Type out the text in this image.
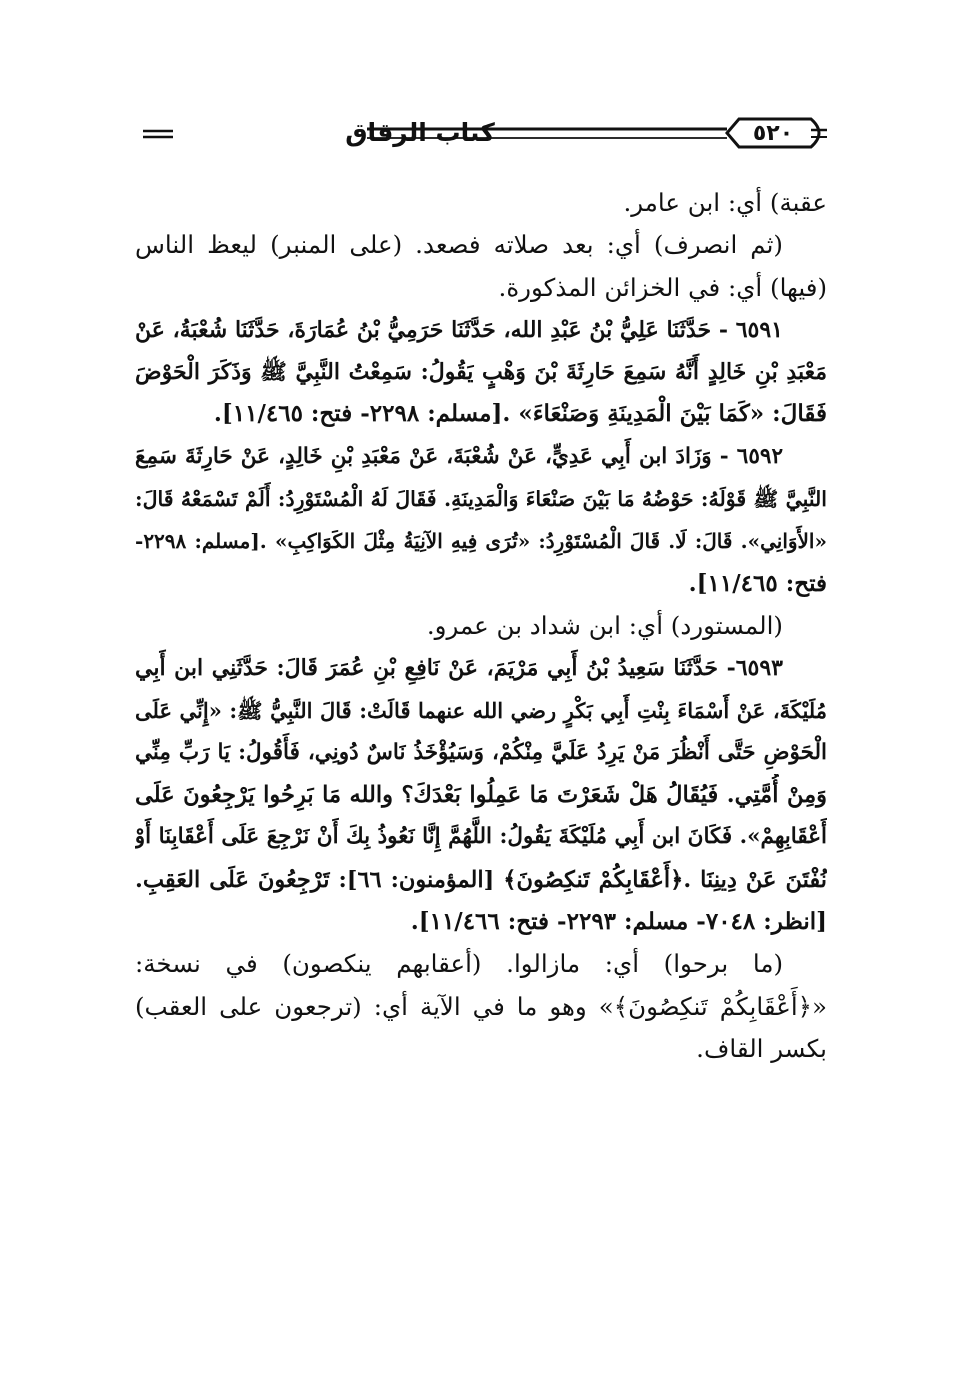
كتاب الرقاق	٥٢٠
عقبة) أي: ابن عامر.
(ثم انصرف) أي: بعد صلاته فصعد. (على المنبر) ليعظ الناس
(فيها) أي: في الخزائن المذكورة.
٦٥٩١ - حَدَّثَنَا عَلِيُّ بْنُ عَبْدِ الله، حَدَّثَنَا حَرَمِيُّ بْنُ عُمَارَةَ، حَدَّثَنَا شُعْبَةُ، عَنْ
مَعْبَدِ بْنِ خَالِدٍ أَنَّهُ سَمِعَ حَارِثَةَ بْنَ وَهْبٍ يَقُولُ: سَمِعْتُ النَّبِيَّ ﷺ وَذَكَرَ الْحَوْضَ
فَقَالَ: «كَمَا بَيْنَ الْمَدِينَةِ وَصَنْعَاءَ» .[مسلم: ٢٢٩٨- فتح: ١١/٤٦٥].
٦٥٩٢ - وَزَادَ ابن أَبِي عَدِيٍّ، عَنْ شُعْبَةَ، عَنْ مَعْبَدِ بْنِ خَالِدٍ، عَنْ حَارِثَةَ سَمِعَ
النَّبِيَّ ﷺ قَوْلَهُ: حَوْضُهُ مَا بَيْنَ صَنْعَاءَ وَالْمَدِينَةِ. فَقَالَ لَهُ الْمُسْتَوْرِدُ: أَلَمْ تَسْمَعْهُ قَالَ:
«الأَوَانِي». قَالَ: لَا. قَالَ الْمُسْتَوْرِدُ: «تُرَى فِيهِ الآنِيَةُ مِثْلَ الكَوَاكِبِ» .[مسلم: ٢٢٩٨-
فتح: ١١/٤٦٥].
(المستورد) أي: ابن شداد بن عمرو.
٦٥٩٣- حَدَّثَنَا سَعِيدُ بْنُ أَبِي مَرْيَمَ، عَنْ نَافِعِ بْنِ عُمَرَ قَالَ: حَدَّثَنِي ابن أَبِي
مُلَيْكَةَ، عَنْ أَسْمَاءَ بِنْتِ أَبِي بَكْرٍ رضي الله عنهما قَالَتْ: قَالَ النَّبِيُّ ﷺ: «إِنِّي عَلَى
الْحَوْضِ حَتَّى أَنْظُرَ مَنْ يَرِدُ عَلَيَّ مِنْكُمْ، وَسَيُؤْخَذُ نَاسٌ دُونِي، فَأَقُولُ: يَا رَبِّ مِنِّي
وَمِنْ أُمَّتِي. فَيُقَالُ هَلْ شَعَرْتَ مَا عَمِلُوا بَعْدَكَ؟ والله مَا بَرِحُوا يَرْجِعُونَ عَلَى
أَعْقَابِهِمْ». فَكَانَ ابن أَبِي مُلَيْكَةَ يَقُولُ: اللَّهُمَّ إِنَّا نَعُوذُ بِكَ أَنْ نَرْجِعَ عَلَى أَعْقَابِنَا أَوْ
نُفْتَنَ عَنْ دِينِنَا .﴿أَعْقَابِكُمْ تَنكِصُونَ﴾ [المؤمنون: ٦٦]: تَرْجِعُونَ عَلَى العَقِبِ.
[انظر: ٧٠٤٨- مسلم: ٢٢٩٣- فتح: ١١/٤٦٦].
(ما برحوا) أي: مازالوا. (أعقابهم ينكصون) في نسخة:
«﴿أَعْقَابِكُمْ تَنكِصُونَ﴾» وهو ما في الآية أي: (ترجعون على العقب)
بكسر القاف.
